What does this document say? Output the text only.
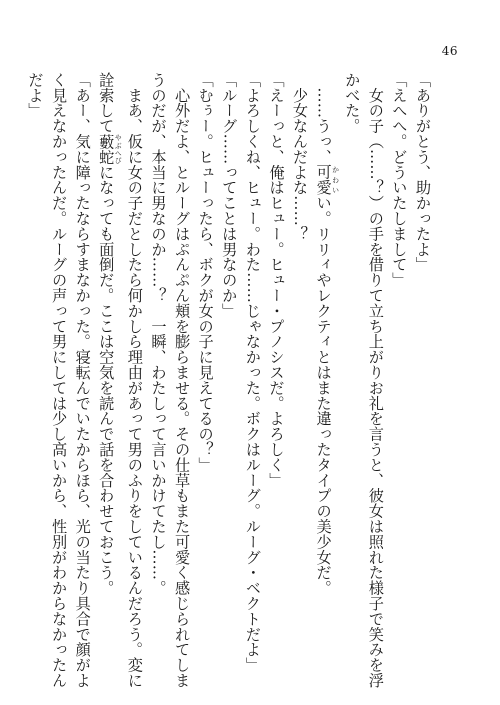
46
「ありがとう、助かったよ」
「えへへ。どういたしまして」
　女の子（……？）の手を借りて立ち上がりお礼を言うと、彼女は照れた様子で笑みを浮
かべた。
　……うっ、可愛 かわいい。リリィやレクティとはまた違ったタイプの美少女だ。
　少女なんだよな……？
「えーっと、俺はヒュー。ヒュー・プノシスだ。よろしく」
「よろしくね、ヒュー。わた……じゃなかった。ボクはルーグ。ルーグ・ベクトだよ」
「ルーグ……ってことは男なのか」
「むぅー。ヒューったら、ボクが女の子に見えてるの？」
　心外だよ、とルーグはぷんぷん頬を膨らませる。その仕草もまた可愛く感じられてしま
うのだが、本当に男なのか……？　一瞬、わたしって言いかけてたし……。
　まあ、仮に女の子だとしたら何かしら理由があって男のふりをしているんだろう。変に
詮索して藪蛇 やぶへびになっても面倒だ。ここは空気を読んで話を合わせておこう。
「あー、気に障ったならすまなかった。寝転んでいたからほら、光の当たり具合で顔がよ
く見えなかったんだ。ルーグの声って男にしては少し高いから、性別がわからなかったん
だよ」
